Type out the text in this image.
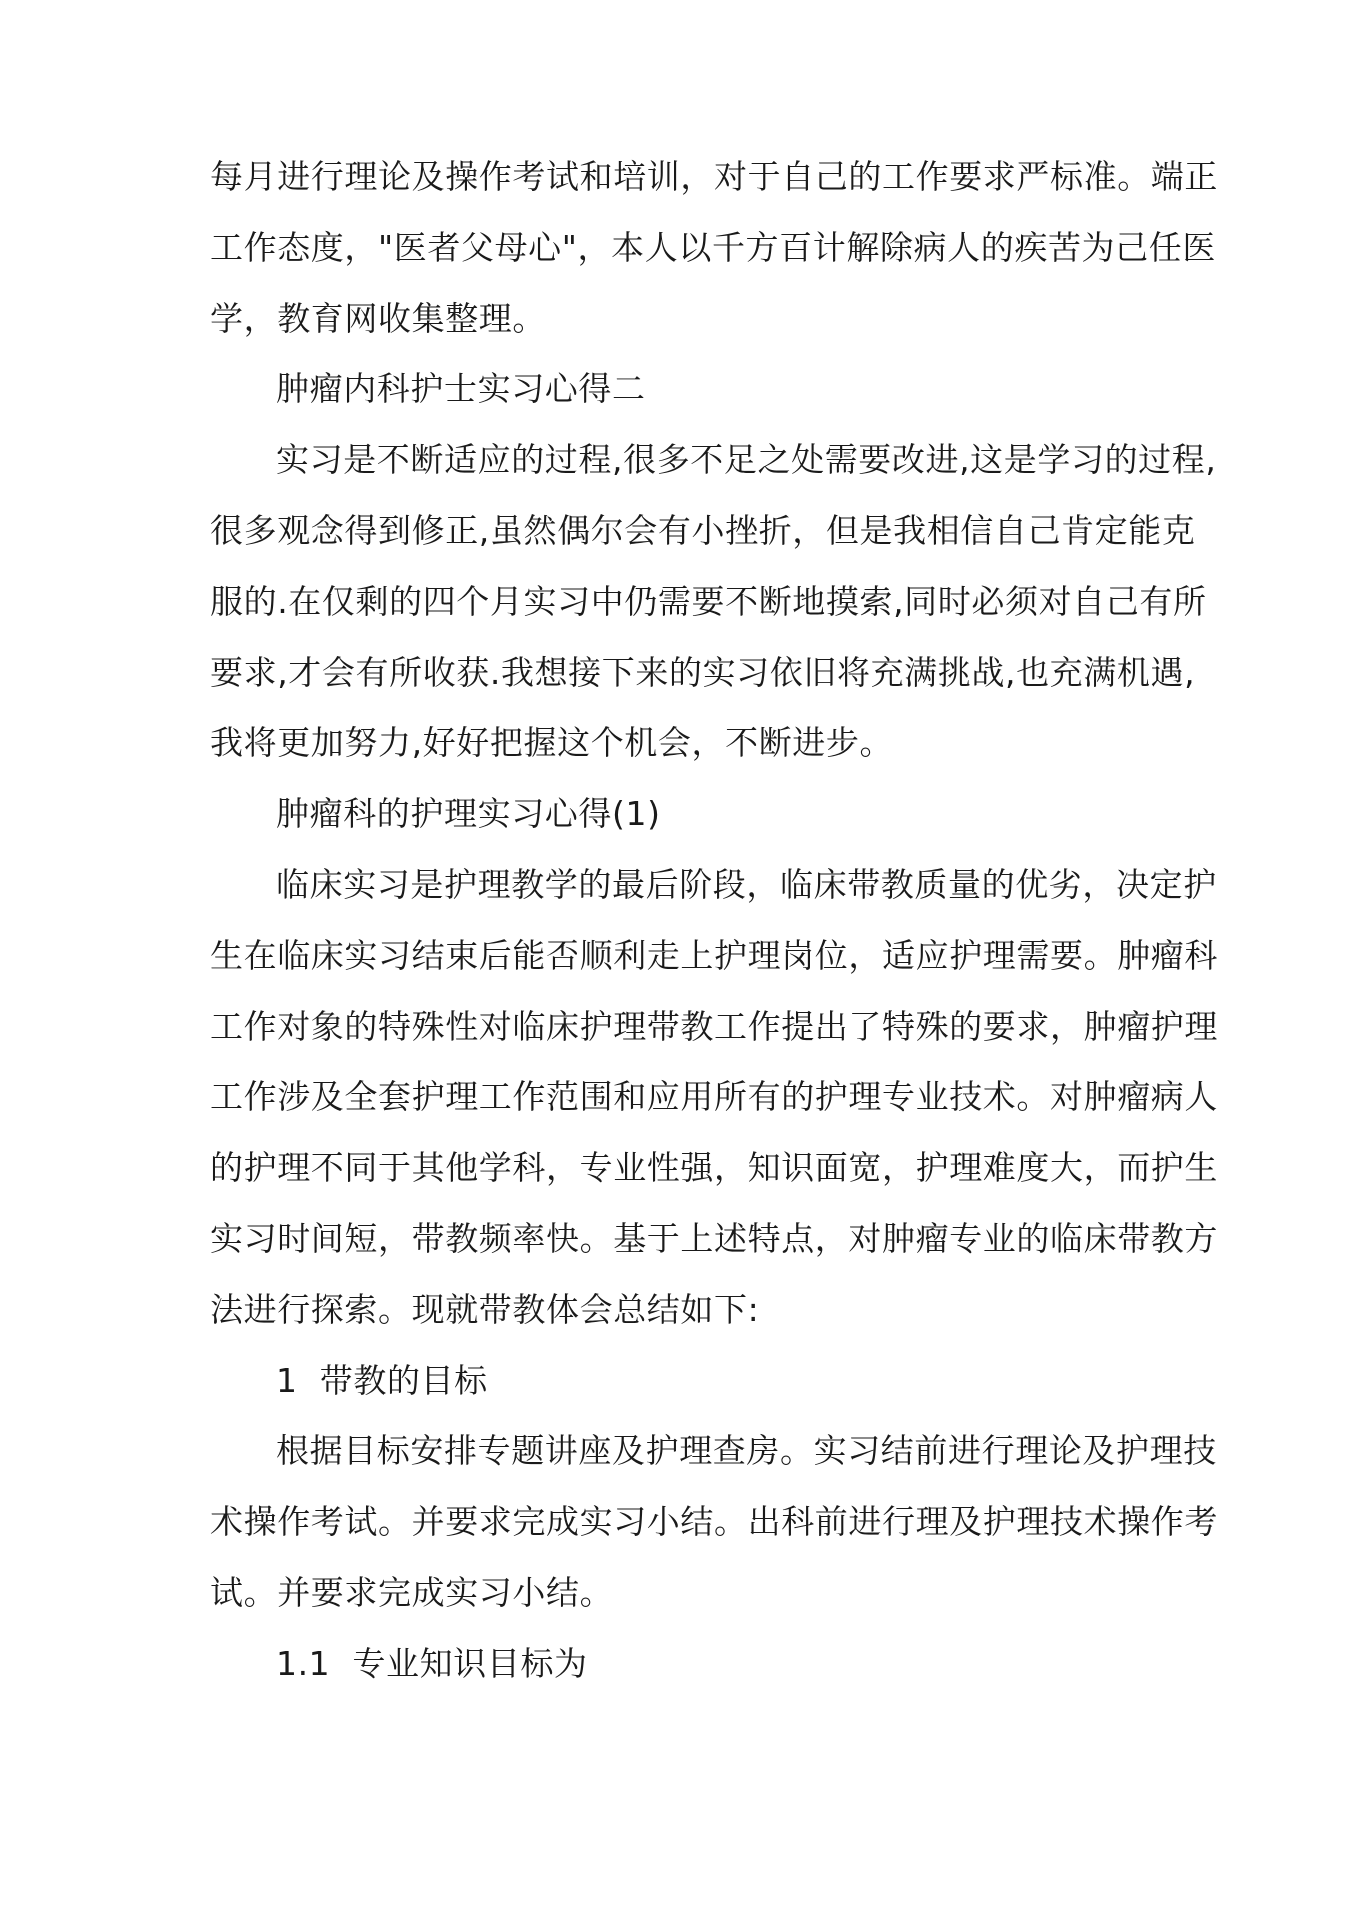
每月进行理论及操作考试和培训，对于自己的工作要求严标准。端正
工作态度，"医者父母心"，本人以千方百计解除病人的疾苦为己任医
学，教育网收集整理。
肿瘤内科护士实习心得二
实习是不断适应的过程,很多不足之处需要改进,这是学习的过程,
很多观念得到修正,虽然偶尔会有小挫折，但是我相信自己肯定能克
服的.在仅剩的四个月实习中仍需要不断地摸索,同时必须对自己有所
要求,才会有所收获.我想接下来的实习依旧将充满挑战,也充满机遇,
我将更加努力,好好把握这个机会，不断进步。
肿瘤科的护理实习心得(1)
临床实习是护理教学的最后阶段，临床带教质量的优劣，决定护
生在临床实习结束后能否顺利走上护理岗位，适应护理需要。肿瘤科
工作对象的特殊性对临床护理带教工作提出了特殊的要求，肿瘤护理
工作涉及全套护理工作范围和应用所有的护理专业技术。对肿瘤病人
的护理不同于其他学科，专业性强，知识面宽，护理难度大，而护生
实习时间短，带教频率快。基于上述特点，对肿瘤专业的临床带教方
法进行探索。现就带教体会总结如下:
1  带教的目标
根据目标安排专题讲座及护理查房。实习结前进行理论及护理技
术操作考试。并要求完成实习小结。出科前进行理及护理技术操作考
试。并要求完成实习小结。
1.1  专业知识目标为
